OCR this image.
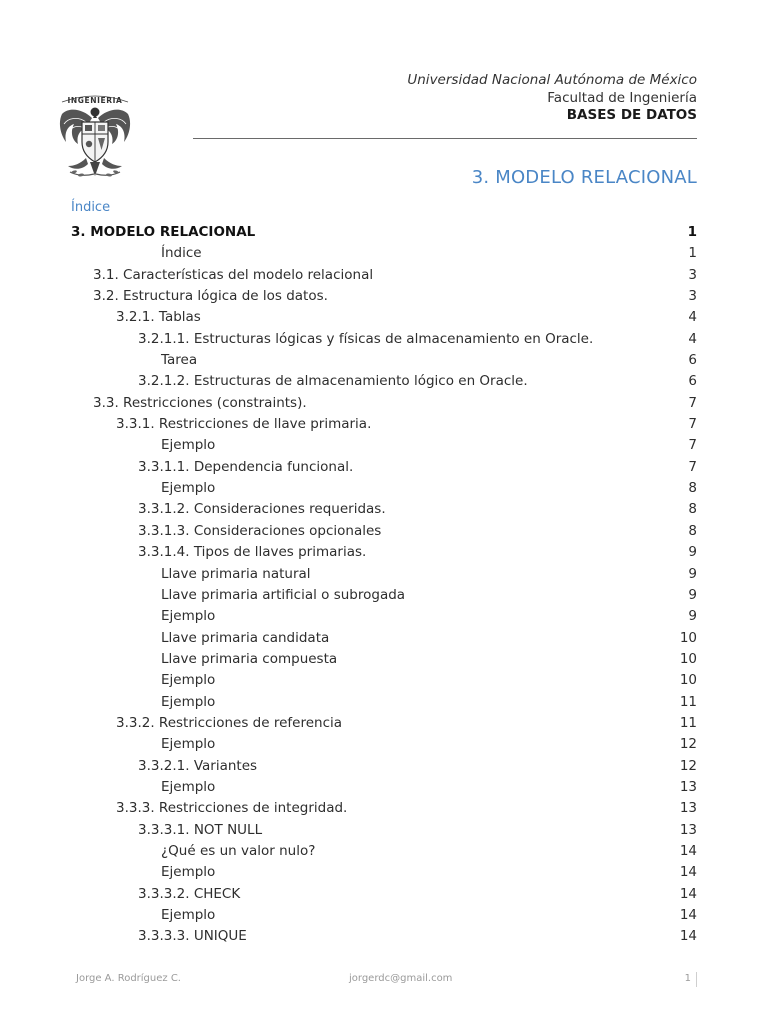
INGENIERIA
Universidad Nacional Autónoma de México
Facultad de Ingeniería
BASES DE DATOS
3. MODELO RELACIONAL
Índice
3. MODELO RELACIONAL	1
Índice	1
3.1. Características del modelo relacional	3
3.2. Estructura lógica de los datos.	3
3.2.1. Tablas	4
3.2.1.1. Estructuras lógicas y físicas de almacenamiento en Oracle.	4
Tarea	6
3.2.1.2. Estructuras de almacenamiento lógico en Oracle.	6
3.3. Restricciones (constraints).	7
3.3.1. Restricciones de llave primaria.	7
Ejemplo	7
3.3.1.1. Dependencia funcional.	7
Ejemplo	8
3.3.1.2. Consideraciones requeridas.	8
3.3.1.3. Consideraciones opcionales	8
3.3.1.4. Tipos de llaves primarias.	9
Llave primaria natural	9
Llave primaria artificial o subrogada	9
Ejemplo	9
Llave primaria candidata	10
Llave primaria compuesta	10
Ejemplo	10
Ejemplo	11
3.3.2. Restricciones de referencia	11
Ejemplo	12
3.3.2.1. Variantes	12
Ejemplo	13
3.3.3. Restricciones de integridad.	13
3.3.3.1. NOT NULL	13
¿Qué es un valor nulo?	14
Ejemplo	14
3.3.3.2. CHECK	14
Ejemplo	14
3.3.3.3. UNIQUE	14
Jorge A. Rodríguez C.	jorgerdc@gmail.com	1
